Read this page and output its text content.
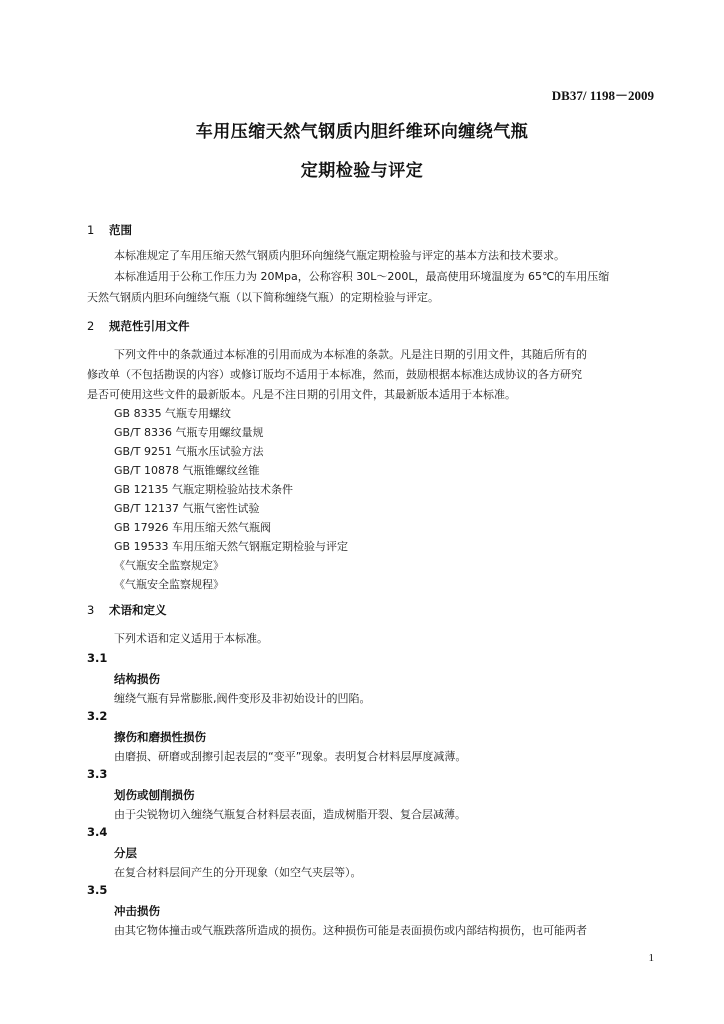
DB37/ 1198－2009
车用压缩天然气钢质内胆纤维环向缠绕气瓶
定期检验与评定
1 范围
本标准规定了车用压缩天然气钢质内胆环向缠绕气瓶定期检验与评定的基本方法和技术要求。
本标准适用于公称工作压力为 20Mpa，公称容积 30L～200L，最高使用环境温度为 65℃的车用压缩
天然气钢质内胆环向缠绕气瓶（以下简称缠绕气瓶）的定期检验与评定。
2 规范性引用文件
下列文件中的条款通过本标准的引用而成为本标准的条款。凡是注日期的引用文件，其随后所有的
修改单（不包括勘误的内容）或修订版均不适用于本标准，然而，鼓励根据本标准达成协议的各方研究
是否可使用这些文件的最新版本。凡是不注日期的引用文件，其最新版本适用于本标准。
GB 8335 气瓶专用螺纹
GB/T 8336 气瓶专用螺纹量规
GB/T 9251 气瓶水压试验方法
GB/T 10878 气瓶锥螺纹丝锥
GB 12135 气瓶定期检验站技术条件
GB/T 12137 气瓶气密性试验
GB 17926 车用压缩天然气瓶阀
GB 19533 车用压缩天然气钢瓶定期检验与评定
《气瓶安全监察规定》
《气瓶安全监察规程》
3 术语和定义
下列术语和定义适用于本标准。
3.1
结构损伤
缠绕气瓶有异常膨胀,阀件变形及非初始设计的凹陷。
3.2
擦伤和磨损性损伤
由磨损、研磨或刮擦引起表层的“变平”现象。表明复合材料层厚度减薄。
3.3
划伤或刨削损伤
由于尖锐物切入缠绕气瓶复合材料层表面，造成树脂开裂、复合层减薄。
3.4
分层
在复合材料层间产生的分开现象（如空气夹层等）。
3.5
冲击损伤
由其它物体撞击或气瓶跌落所造成的损伤。这种损伤可能是表面损伤或内部结构损伤，也可能两者
1
